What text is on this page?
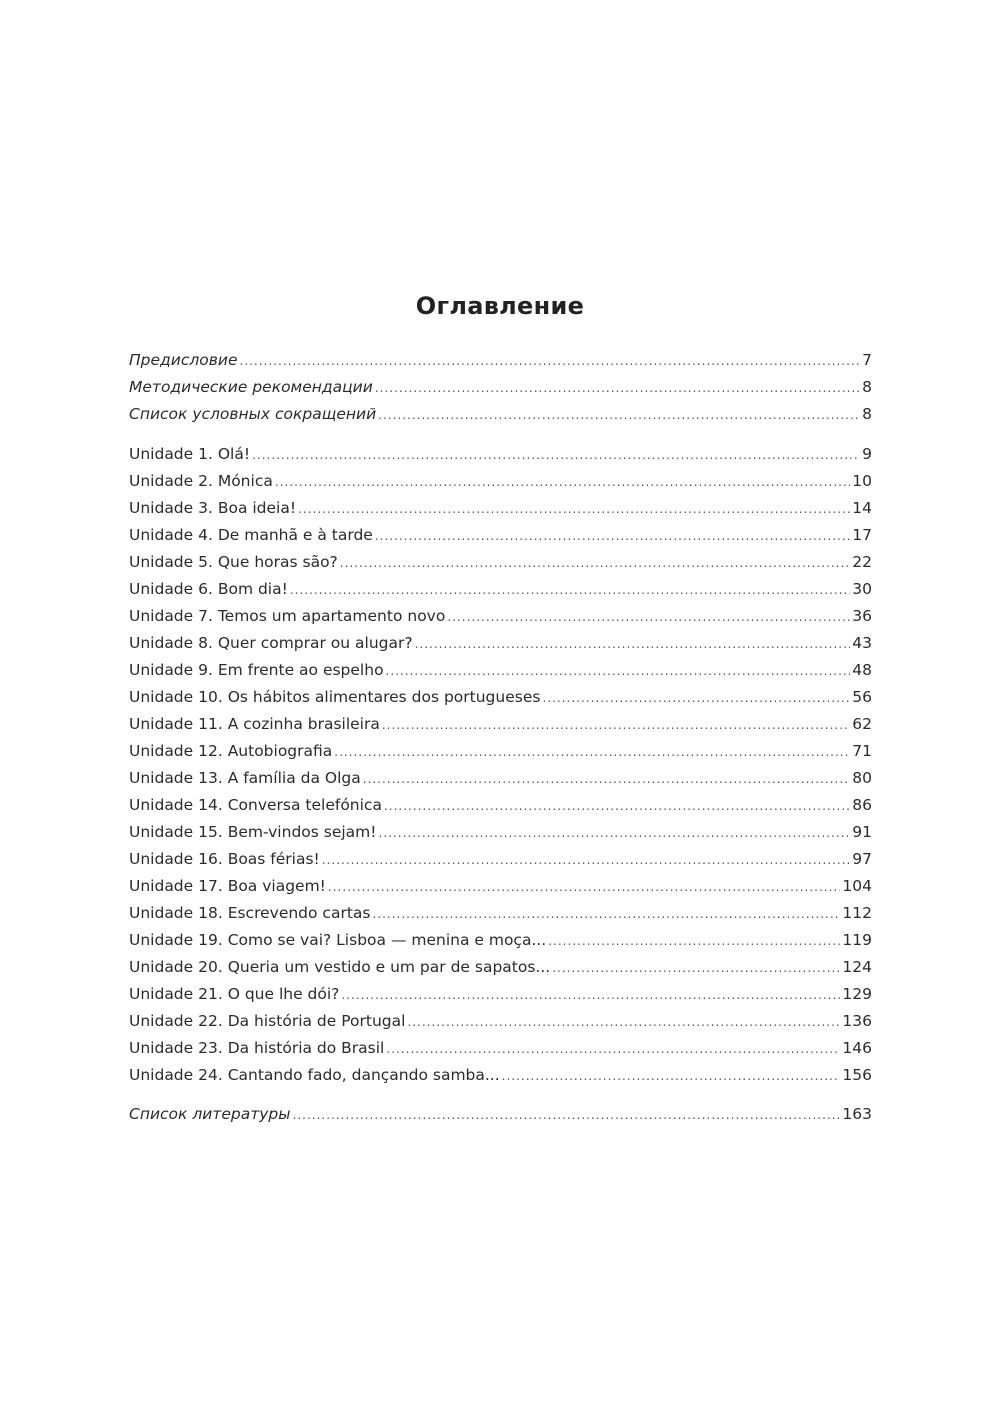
Оглавление
Предисловие .....	7
Методические рекомендации .....	8
Список условных сокращений .....	8
Unidade 1. Olá! .....	9
Unidade 2. Mónica .....	10
Unidade 3. Boa ideia! .....	14
Unidade 4. De manhã e à tarde .....	17
Unidade 5. Que horas são? .....	22
Unidade 6. Bom dia! .....	30
Unidade 7. Temos um apartamento novo .....	36
Unidade 8. Quer comprar ou alugar? .....	43
Unidade 9. Em frente ao espelho .....	48
Unidade 10. Os hábitos alimentares dos portugueses .....	56
Unidade 11. A cozinha brasileira .....	62
Unidade 12. Autobiografia .....	71
Unidade 13. A família da Olga .....	80
Unidade 14. Conversa telefónica .....	86
Unidade 15. Bem-vindos sejam! .....	91
Unidade 16. Boas férias! .....	97
Unidade 17. Boa viagem! .....	104
Unidade 18. Escrevendo cartas .....	112
Unidade 19. Como se vai? Lisboa — menina e moça... .....	119
Unidade 20. Queria um vestido e um par de sapatos... .....	124
Unidade 21. O que lhe dói? .....	129
Unidade 22. Da história de Portugal .....	136
Unidade 23. Da história do Brasil .....	146
Unidade 24. Cantando fado, dançando samba... .....	156
Список литературы .....	163
